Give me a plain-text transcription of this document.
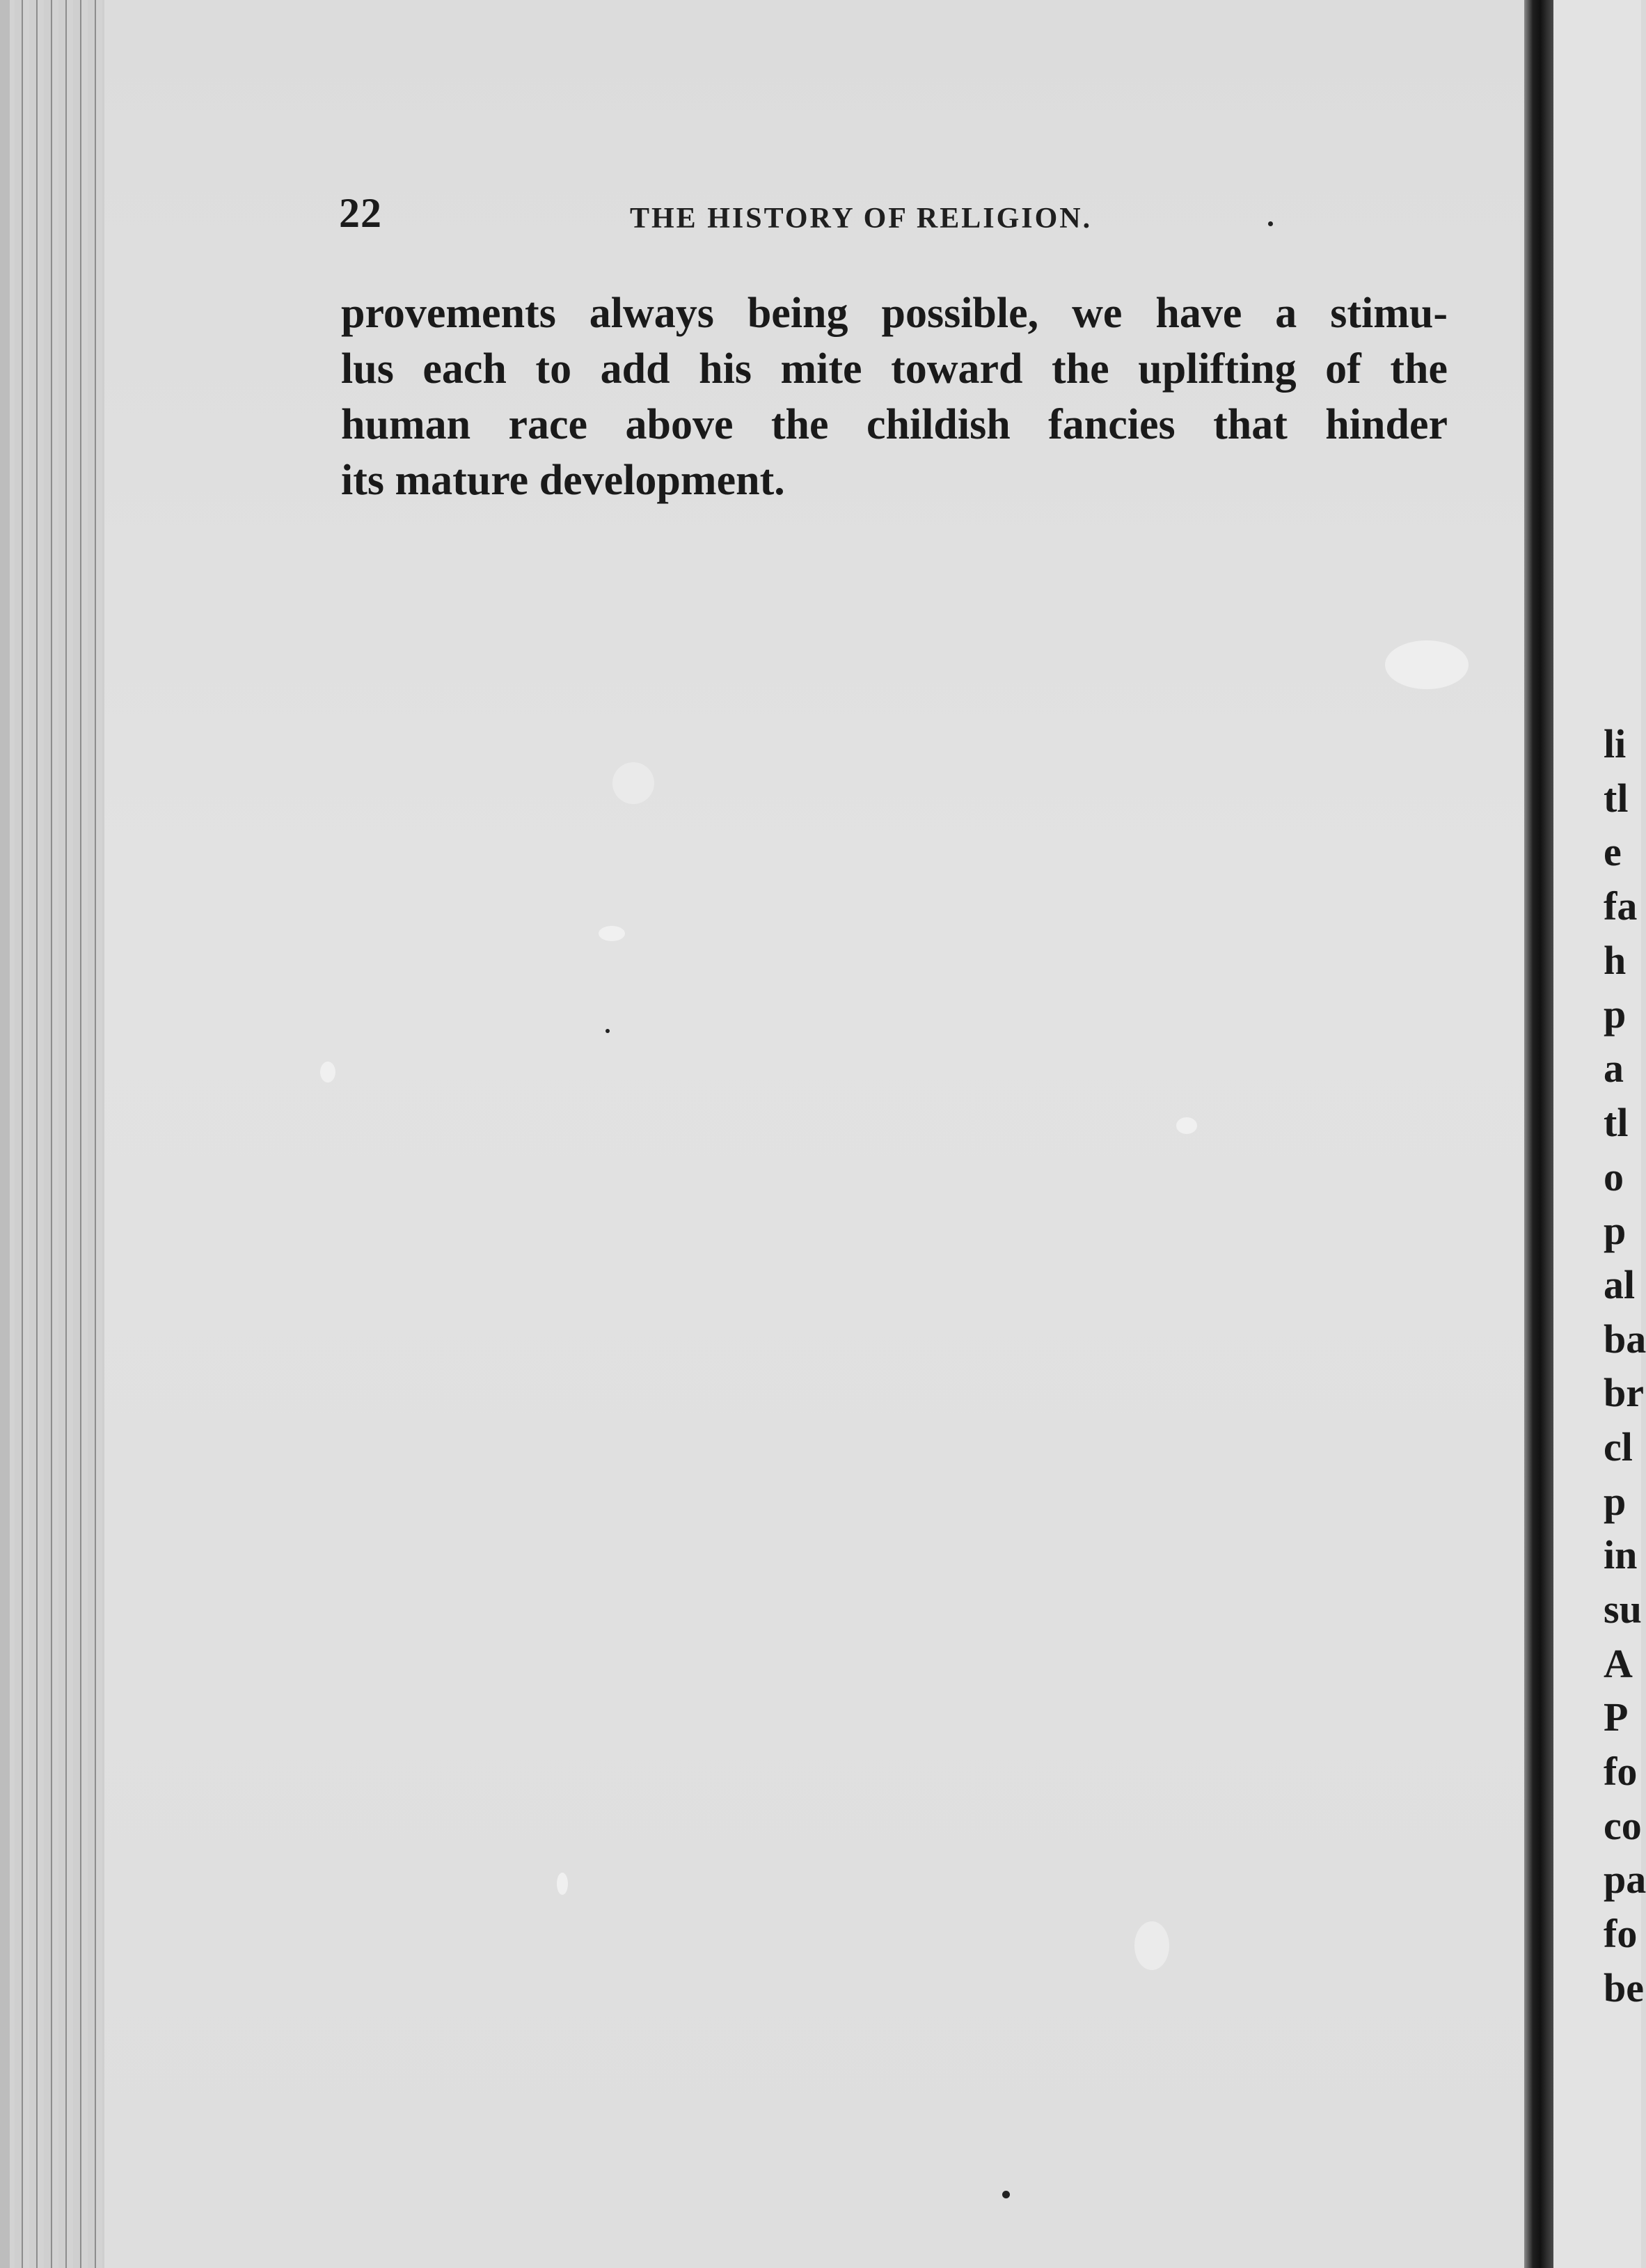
22	THE HISTORY OF RELIGION.
provements always being possible, we have a stimu-
lus each to add his mite toward the uplifting of the
human race above the childish fancies that hinder
its mature development.
li
tl
e
fa
h
p
a
tl
o
p
al
ba
br
cl
p
in
su
A
P
fo
co
pa
fo
be
